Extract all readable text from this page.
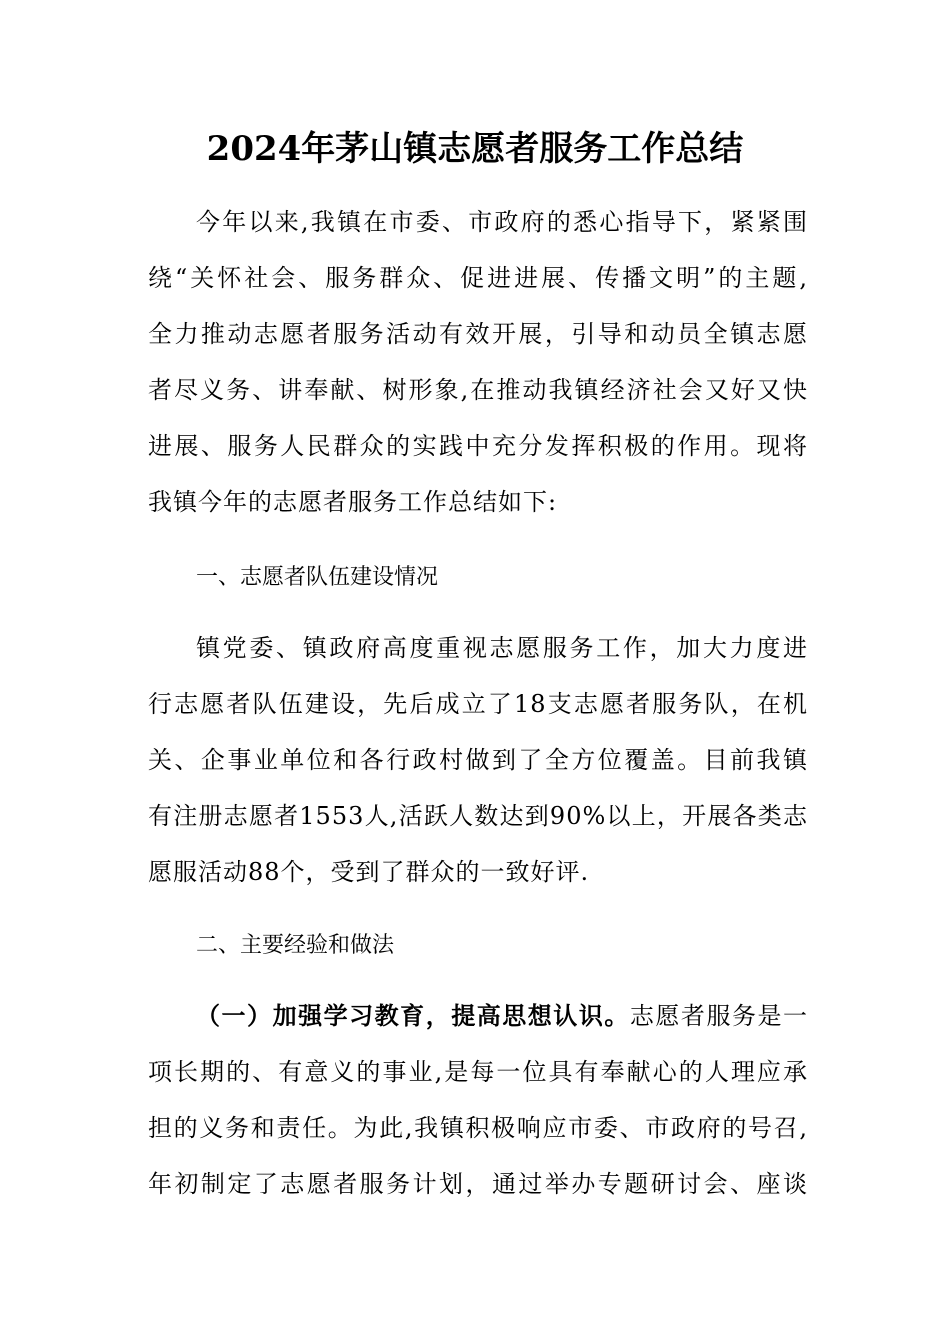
2024年茅山镇志愿者服务工作总结
今年以来,我镇在市委、市政府的悉心指导下，紧紧围
绕“关怀社会、服务群众、促进进展、传播文明”的主题,
全力推动志愿者服务活动有效开展，引导和动员全镇志愿
者尽义务、讲奉献、树形象,在推动我镇经济社会又好又快
进展、服务人民群众的实践中充分发挥积极的作用。现将
我镇今年的志愿者服务工作总结如下:
一、志愿者队伍建设情况
镇党委、镇政府高度重视志愿服务工作，加大力度进
行志愿者队伍建设，先后成立了18支志愿者服务队，在机
关、企事业单位和各行政村做到了全方位覆盖。目前我镇
有注册志愿者1553人,活跃人数达到90%以上，开展各类志
愿服活动88个，受到了群众的一致好评.
二、主要经验和做法
（一）加强学习教育，提高思想认识。志愿者服务是一
项长期的、有意义的事业,是每一位具有奉献心的人理应承
担的义务和责任。为此,我镇积极响应市委、市政府的号召,
年初制定了志愿者服务计划，通过举办专题研讨会、座谈
